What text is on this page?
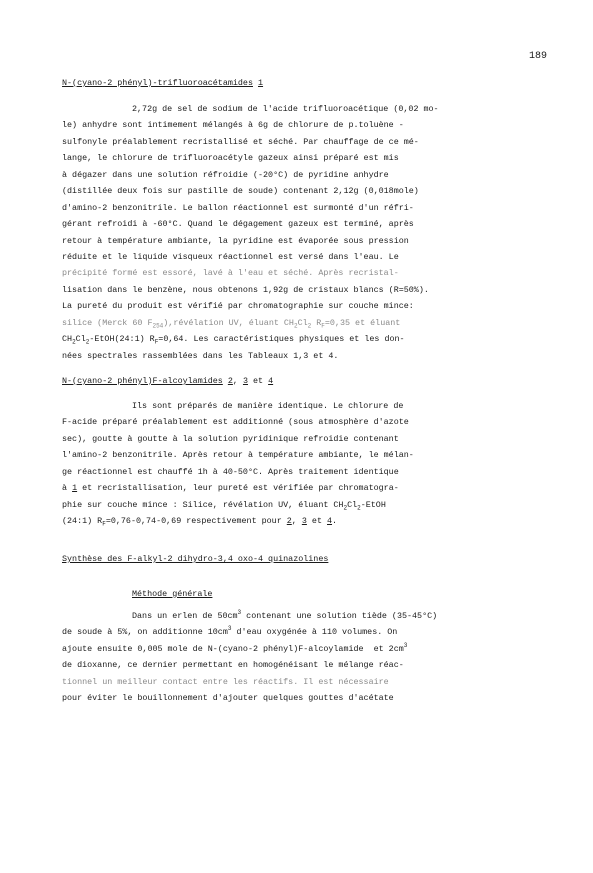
189
N-(cyano-2 phényl)-trifluoroacétamides 1
2,72g de sel de sodium de l'acide trifluoroacétique (0,02 mo-
le) anhydre sont intimement mélangés à 6g de chlorure de p.toluène -
sulfonyle préalablement recristallisé et séché. Par chauffage de ce mé-
lange, le chlorure de trifluoroacétyle gazeux ainsi préparé est mis
à dégazer dans une solution réfroidie (-20°C) de pyridine anhydre
(distillée deux fois sur pastille de soude) contenant 2,12g (0,018mole)
d'amino-2 benzonitrile. Le ballon réactionnel est surmonté d'un réfri-
gérant refroidi à -60°C. Quand le dégagement gazeux est terminé, après
retour à température ambiante, la pyridine est évaporée sous pression
réduite et le liquide visqueux réactionnel est versé dans l'eau. Le
précipité formé est essoré, lavé à l'eau et séché. Après recristal-
lisation dans le benzène, nous obtenons 1,92g de cristaux blancs (R=50%).
La pureté du produit est vérifié par chromatographie sur couche mince:
silice (Merck 60 $F_{254}),révélation$ UV, éluant $CH_2Cl_2$ $R_F=0,35$ et éluant
$CH_2Cl_2-EtOH(24:1)$ $R_F=0,64$. Les caractéristiques physiques et les don-
nées spectrales rassemblées dans les Tableaux 1,3 et 4.
N-(cyano-2 phényl)F-alcoylamides 2, 3 et 4
Ils sont préparés de manière identique. Le chlorure de
F-acide préparé préalablement est additionné (sous atmosphère d'azote
sec), goutte à goutte à la solution pyridinique refroidie contenant
l'amino-2 benzonitrile. Après retour à température ambiante, le mélan-
ge réactionnel est chauffé 1h à 40-50°C. Après traitement identique
à 1 et recristallisation, leur pureté est vérifiée par chromatogra-
phie sur couche mince : Silice, révélation UV, éluant $CH_2Cl_2$-EtOH
(24:1) $R_F=0,76-0,74-0,69$ respectivement pour 2, 3 et 4.
Synthèse des F-alkyl-2 dihydro-3,4 oxo-4 quinazolines
Méthode générale
Dans un erlen de $50cm^3$ contenant une solution tiède (35-45°C)
de soude à 5%, on additionne $10cm^3$ d'eau oxygénée à 110 volumes. On
ajoute ensuite 0,005 mole de N-(cyano-2 phényl)F-alcoylamide  et $2cm^3$
de dioxanne, ce dernier permettant en homogénéisant le mélange réac-
tionnel un meilleur contact entre les réactifs. Il est nécessaire
pour éviter le bouillonnement d'ajouter quelques gouttes d'acétate
